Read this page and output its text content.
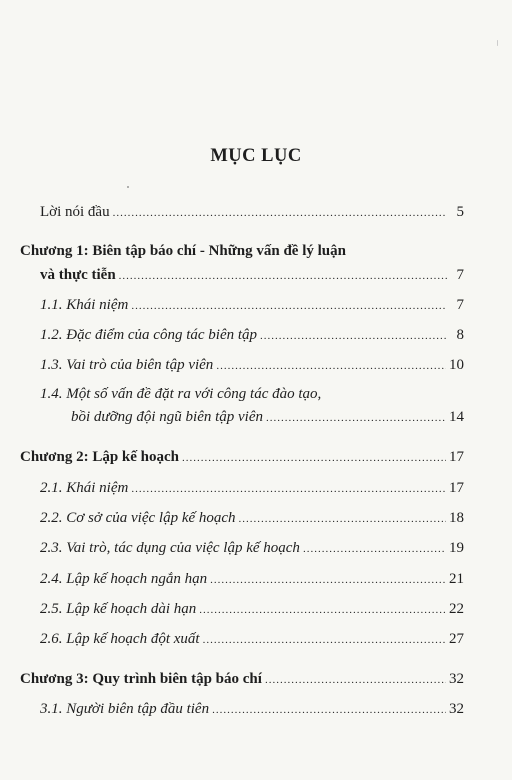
MỤC LỤC
Lời nói đầu .....	5
Chương 1: Biên tập báo chí - Những vấn đề lý luận
và thực tiễn .....	7
1.1. Khái niệm .....	7
1.2. Đặc điểm của công tác biên tập .....	8
1.3. Vai trò của biên tập viên .....	10
1.4. Một số vấn đề đặt ra với công tác đào tạo,
bồi dưỡng đội ngũ biên tập viên .....	14
Chương 2: Lập kế hoạch .....	17
2.1. Khái niệm .....	17
2.2. Cơ sở của việc lập kế hoạch .....	18
2.3. Vai trò, tác dụng của việc lập kế hoạch .....	19
2.4. Lập kế hoạch ngắn hạn .....	21
2.5. Lập kế hoạch dài hạn .....	22
2.6. Lập kế hoạch đột xuất .....	27
Chương 3: Quy trình biên tập báo chí .....	32
3.1. Người biên tập đầu tiên .....	32
